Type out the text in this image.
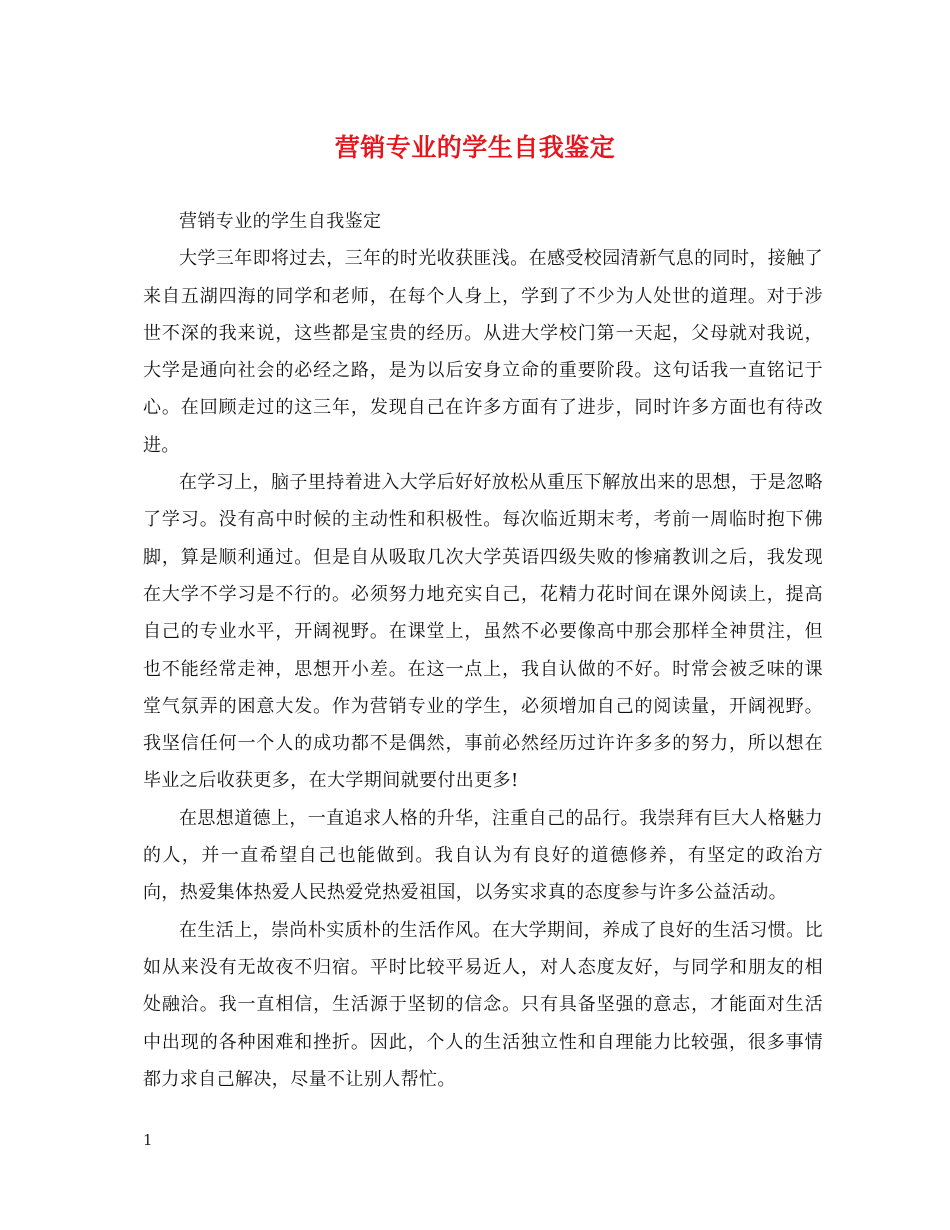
营销专业的学生自我鉴定

营销专业的学生自我鉴定

大学三年即将过去，三年的时光收获匪浅。在感受校园清新气息的同时，接触了来自五湖四海的同学和老师，在每个人身上，学到了不少为人处世的道理。对于涉世不深的我来说，这些都是宝贵的经历。从进大学校门第一天起，父母就对我说，大学是通向社会的必经之路，是为以后安身立命的重要阶段。这句话我一直铭记于心。在回顾走过的这三年，发现自己在许多方面有了进步，同时许多方面也有待改进。

在学习上，脑子里持着进入大学后好好放松从重压下解放出来的思想，于是忽略了学习。没有高中时候的主动性和积极性。每次临近期末考，考前一周临时抱下佛脚，算是顺利通过。但是自从吸取几次大学英语四级失败的惨痛教训之后，我发现在大学不学习是不行的。必须努力地充实自己，花精力花时间在课外阅读上，提高自己的专业水平，开阔视野。在课堂上，虽然不必要像高中那会那样全神贯注，但也不能经常走神，思想开小差。在这一点上，我自认做的不好。时常会被乏味的课堂气氛弄的困意大发。作为营销专业的学生，必须增加自己的阅读量，开阔视野。我坚信任何一个人的成功都不是偶然，事前必然经历过许许多多的努力，所以想在毕业之后收获更多，在大学期间就要付出更多!

在思想道德上，一直追求人格的升华，注重自己的品行。我崇拜有巨大人格魅力的人，并一直希望自己也能做到。我自认为有良好的道德修养，有坚定的政治方向，热爱集体热爱人民热爱党热爱祖国，以务实求真的态度参与许多公益活动。

在生活上，崇尚朴实质朴的生活作风。在大学期间，养成了良好的生活习惯。比如从来没有无故夜不归宿。平时比较平易近人，对人态度友好，与同学和朋友的相处融洽。我一直相信，生活源于坚韧的信念。只有具备坚强的意志，才能面对生活中出现的各种困难和挫折。因此，个人的生活独立性和自理能力比较强，很多事情都力求自己解决，尽量不让别人帮忙。

1
